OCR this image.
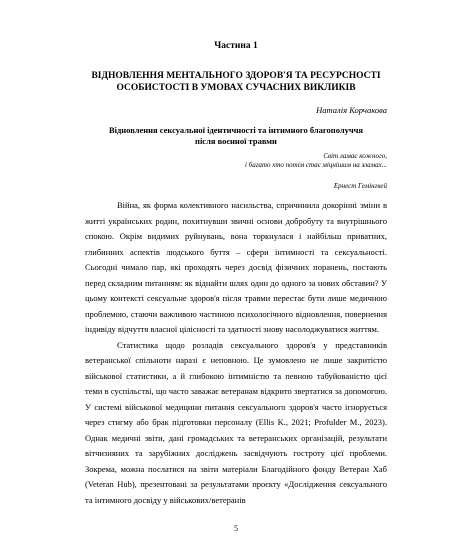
Частина 1
ВІДНОВЛЕННЯ МЕНТАЛЬНОГО ЗДОРОВ'Я ТА РЕСУРСНОСТІ
ОСОБИСТОСТІ В УМОВАХ СУЧАСНИХ ВИКЛИКІВ
Наталія Корчакова
Відновлення сексуальної ідентичності та інтимного благополуччя
після воєнної травми
Світ ламає кожного,
і багато хто потім стає міцнішим на зламах...
Ернест Гемінгвей

Війна, як форма колективного насильства, спричинила докорінні зміни в житті українських родин, похитнувши звичні основи добробуту та внутрішнього спокою. Окрім видимих руйнувань, вона торкнулася і найбільш приватних, глибинних аспектів людського буття – сфери інтимності та сексуальності. Сьогодні чимало пар, які проходять через досвід фізичних поранень, постають перед складним питанням: як віднайти шлях один до одного за нових обставин? У цьому контексті сексуальне здоров'я після травми перестає бути лише медичною проблемою, стаючи важливою частиною психологічного відновлення, повернення індивіду відчуття власної цілісності та здатності знову насолоджуватися життям.

Статистика щодо розладів сексуального здоров'я у представників ветеранської спільноти наразі є неповною. Це зумовлено не лише закритістю військової статистики, а й глибокою інтимністю та певною табуйованістю цієї теми в суспільстві, що часто заважає ветеранам відкрито звертатися за допомогою. У системі військової медицини питання сексуального здоров'я часто ігнорується через стигму або брак підготовки персоналу (Ellis K., 2021; Profulder M., 2023). Однак медичні звіти, дані громадських та ветеранських організацій, результати вітчизняних та зарубіжних досліджень засвідчують гостроту цієї проблеми. Зокрема, можна послатися на звіти матеріали Благодійного фонду Ветеран Хаб (Veteran Hub), презентовані за результатами проєкту «Дослідження сексуального та інтимного досвіду у військових/ветеранів

5
